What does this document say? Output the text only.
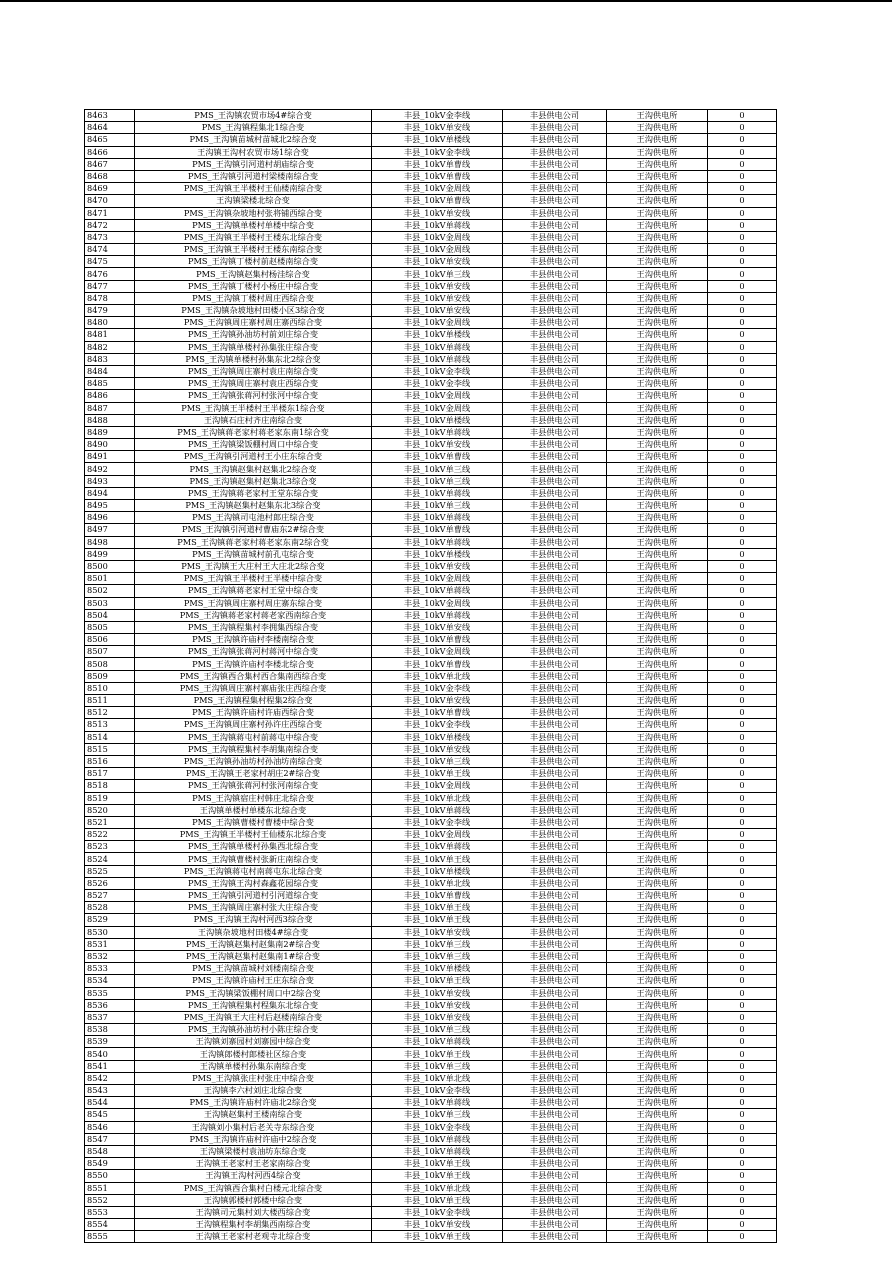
8463	PMS_王沟镇农贸市场4#综合变	丰县_10kV金李线	丰县供电公司	王沟供电所	0
8464	PMS_王沟镇程集北1综合变	丰县_10kV单安线	丰县供电公司	王沟供电所	0
8465	PMS_王沟镇苗城村苗城北2综合变	丰县_10kV单楼线	丰县供电公司	王沟供电所	0
8466	王沟镇王沟村农贸市场1综合变	丰县_10kV金李线	丰县供电公司	王沟供电所	0
8467	PMS_王沟镇引河道村胡庙综合变	丰县_10kV单曹线	丰县供电公司	王沟供电所	0
8468	PMS_王沟镇引河道村梁楼南综合变	丰县_10kV单曹线	丰县供电公司	王沟供电所	0
8469	PMS_王沟镇王半楼村王仙楼南综合变	丰县_10kV金周线	丰县供电公司	王沟供电所	0
8470	王沟镇梁楼北综合变	丰县_10kV单曹线	丰县供电公司	王沟供电所	0
8471	PMS_王沟镇杂坡地村张将铺西综合变	丰县_10kV单安线	丰县供电公司	王沟供电所	0
8472	PMS_王沟镇单楼村单楼中综合变	丰县_10kV单蒋线	丰县供电公司	王沟供电所	0
8473	PMS_王沟镇王半楼村王楼东北综合变	丰县_10kV金周线	丰县供电公司	王沟供电所	0
8474	PMS_王沟镇王半楼村王楼东南综合变	丰县_10kV金周线	丰县供电公司	王沟供电所	0
8475	PMS_王沟镇丁楼村前赵楼南综合变	丰县_10kV单安线	丰县供电公司	王沟供电所	0
8476	PMS_王沟镇赵集村杨洼综合变	丰县_10kV单三线	丰县供电公司	王沟供电所	0
8477	PMS_王沟镇丁楼村小杨庄中综合变	丰县_10kV单安线	丰县供电公司	王沟供电所	0
8478	PMS_王沟镇丁楼村周庄西综合变	丰县_10kV单安线	丰县供电公司	王沟供电所	0
8479	PMS_王沟镇杂坡地村田楼小区3综合变	丰县_10kV单安线	丰县供电公司	王沟供电所	0
8480	PMS_王沟镇周庄寨村周庄寨西综合变	丰县_10kV金周线	丰县供电公司	王沟供电所	0
8481	PMS_王沟镇孙油坊村前刘庄综合变	丰县_10kV单楼线	丰县供电公司	王沟供电所	0
8482	PMS_王沟镇单楼村孙集张庄综合变	丰县_10kV单蒋线	丰县供电公司	王沟供电所	0
8483	PMS_王沟镇单楼村孙集东北2综合变	丰县_10kV单蒋线	丰县供电公司	王沟供电所	0
8484	PMS_王沟镇周庄寨村袁庄南综合变	丰县_10kV金李线	丰县供电公司	王沟供电所	0
8485	PMS_王沟镇周庄寨村袁庄西综合变	丰县_10kV金李线	丰县供电公司	王沟供电所	0
8486	PMS_王沟镇张蒋河村张河中综合变	丰县_10kV金周线	丰县供电公司	王沟供电所	0
8487	PMS_王沟镇王半楼村王半楼东1综合变	丰县_10kV金周线	丰县供电公司	王沟供电所	0
8488	王沟镇石庄村齐庄南综合变	丰县_10kV单楼线	丰县供电公司	王沟供电所	0
8489	PMS_王沟镇蒋老家村蒋老家东南1综合变	丰县_10kV单蒋线	丰县供电公司	王沟供电所	0
8490	PMS_王沟镇梁饭棚村周口中综合变	丰县_10kV单安线	丰县供电公司	王沟供电所	0
8491	PMS_王沟镇引河道村王小庄东综合变	丰县_10kV单曹线	丰县供电公司	王沟供电所	0
8492	PMS_王沟镇赵集村赵集北2综合变	丰县_10kV单三线	丰县供电公司	王沟供电所	0
8493	PMS_王沟镇赵集村赵集北3综合变	丰县_10kV单三线	丰县供电公司	王沟供电所	0
8494	PMS_王沟镇蒋老家村王堂东综合变	丰县_10kV单蒋线	丰县供电公司	王沟供电所	0
8495	PMS_王沟镇赵集村赵集东北3综合变	丰县_10kV单三线	丰县供电公司	王沟供电所	0
8496	PMS_王沟镇司屯池村郎庄综合变	丰县_10kV单蒋线	丰县供电公司	王沟供电所	0
8497	PMS_王沟镇引河道村曹庙东2#综合变	丰县_10kV单曹线	丰县供电公司	王沟供电所	0
8498	PMS_王沟镇蒋老家村蒋老家东南2综合变	丰县_10kV单蒋线	丰县供电公司	王沟供电所	0
8499	PMS_王沟镇苗城村前孔屯综合变	丰县_10kV单楼线	丰县供电公司	王沟供电所	0
8500	PMS_王沟镇王大庄村王大庄北2综合变	丰县_10kV单安线	丰县供电公司	王沟供电所	0
8501	PMS_王沟镇王半楼村王半楼中综合变	丰县_10kV金周线	丰县供电公司	王沟供电所	0
8502	PMS_王沟镇蒋老家村王堂中综合变	丰县_10kV单蒋线	丰县供电公司	王沟供电所	0
8503	PMS_王沟镇周庄寨村周庄寨东综合变	丰县_10kV金周线	丰县供电公司	王沟供电所	0
8504	PMS_王沟镇蒋老家村蒋老家西南综合变	丰县_10kV单蒋线	丰县供电公司	王沟供电所	0
8505	PMS_王沟镇程集村李拥集西综合变	丰县_10kV单安线	丰县供电公司	王沟供电所	0
8506	PMS_王沟镇许庙村李楼南综合变	丰县_10kV单曹线	丰县供电公司	王沟供电所	0
8507	PMS_王沟镇张蒋河村蒋河中综合变	丰县_10kV金周线	丰县供电公司	王沟供电所	0
8508	PMS_王沟镇许庙村李楼北综合变	丰县_10kV单曹线	丰县供电公司	王沟供电所	0
8509	PMS_王沟镇西合集村西合集南西综合变	丰县_10kV单北线	丰县供电公司	王沟供电所	0
8510	PMS_王沟镇周庄寨村寨庙张庄西综合变	丰县_10kV金李线	丰县供电公司	王沟供电所	0
8511	PMS_王沟镇程集村程集2综合变	丰县_10kV单安线	丰县供电公司	王沟供电所	0
8512	PMS_王沟镇许庙村许庙西综合变	丰县_10kV单曹线	丰县供电公司	王沟供电所	0
8513	PMS_王沟镇周庄寨村孙许庄西综合变	丰县_10kV金李线	丰县供电公司	王沟供电所	0
8514	PMS_王沟镇蒋屯村前蒋屯中综合变	丰县_10kV单楼线	丰县供电公司	王沟供电所	0
8515	PMS_王沟镇程集村李胡集南综合变	丰县_10kV单安线	丰县供电公司	王沟供电所	0
8516	PMS_王沟镇孙油坊村孙油坊南综合变	丰县_10kV单三线	丰县供电公司	王沟供电所	0
8517	PMS_王沟镇王老家村胡庄2#综合变	丰县_10kV单王线	丰县供电公司	王沟供电所	0
8518	PMS_王沟镇张蒋河村张河南综合变	丰县_10kV金周线	丰县供电公司	王沟供电所	0
8519	PMS_王沟镇宿庄村韩庄北综合变	丰县_10kV单北线	丰县供电公司	王沟供电所	0
8520	王沟镇单楼村单楼东北综合变	丰县_10kV单蒋线	丰县供电公司	王沟供电所	0
8521	PMS_王沟镇曹楼村曹楼中综合变	丰县_10kV金李线	丰县供电公司	王沟供电所	0
8522	PMS_王沟镇王半楼村王仙楼东北综合变	丰县_10kV金周线	丰县供电公司	王沟供电所	0
8523	PMS_王沟镇单楼村孙集西北综合变	丰县_10kV单蒋线	丰县供电公司	王沟供电所	0
8524	PMS_王沟镇曹楼村张新庄南综合变	丰县_10kV单王线	丰县供电公司	王沟供电所	0
8525	PMS_王沟镇蒋屯村南蒋屯东北综合变	丰县_10kV单楼线	丰县供电公司	王沟供电所	0
8526	PMS_王沟镇王沟村森鑫花园综合变	丰县_10kV单北线	丰县供电公司	王沟供电所	0
8527	PMS_王沟镇引河道村引河道综合变	丰县_10kV单曹线	丰县供电公司	王沟供电所	0
8528	PMS_王沟镇周庄寨村张大庄综合变	丰县_10kV单王线	丰县供电公司	王沟供电所	0
8529	PMS_王沟镇王沟村河西3综合变	丰县_10kV单王线	丰县供电公司	王沟供电所	0
8530	王沟镇杂坡地村田楼4#综合变	丰县_10kV单安线	丰县供电公司	王沟供电所	0
8531	PMS_王沟镇赵集村赵集南2#综合变	丰县_10kV单三线	丰县供电公司	王沟供电所	0
8532	PMS_王沟镇赵集村赵集南1#综合变	丰县_10kV单三线	丰县供电公司	王沟供电所	0
8533	PMS_王沟镇苗城村刘楼南综合变	丰县_10kV单楼线	丰县供电公司	王沟供电所	0
8534	PMS_王沟镇许庙村王庄东综合变	丰县_10kV单王线	丰县供电公司	王沟供电所	0
8535	PMS_王沟镇梁饭棚村周口中2综合变	丰县_10kV单安线	丰县供电公司	王沟供电所	0
8536	PMS_王沟镇程集村程集东北综合变	丰县_10kV单安线	丰县供电公司	王沟供电所	0
8537	PMS_王沟镇王大庄村后赵楼南综合变	丰县_10kV单安线	丰县供电公司	王沟供电所	0
8538	PMS_王沟镇孙油坊村小陈庄综合变	丰县_10kV单三线	丰县供电公司	王沟供电所	0
8539	王沟镇刘寨园村刘寨园中综合变	丰县_10kV单蒋线	丰县供电公司	王沟供电所	0
8540	王沟镇郎楼村郎楼社区综合变	丰县_10kV单王线	丰县供电公司	王沟供电所	0
8541	王沟镇单楼村孙集东南综合变	丰县_10kV单三线	丰县供电公司	王沟供电所	0
8542	PMS_王沟镇张庄村张庄中综合变	丰县_10kV单北线	丰县供电公司	王沟供电所	0
8543	王沟镇李六村刘庄北综合变	丰县_10kV金李线	丰县供电公司	王沟供电所	0
8544	PMS_王沟镇许庙村许庙北2综合变	丰县_10kV单蒋线	丰县供电公司	王沟供电所	0
8545	王沟镇赵集村王楼南综合变	丰县_10kV单三线	丰县供电公司	王沟供电所	0
8546	王沟镇刘小集村后老关寺东综合变	丰县_10kV金李线	丰县供电公司	王沟供电所	0
8547	PMS_王沟镇许庙村许庙中2综合变	丰县_10kV单蒋线	丰县供电公司	王沟供电所	0
8548	王沟镇梁楼村袁油坊东综合变	丰县_10kV单蒋线	丰县供电公司	王沟供电所	0
8549	王沟镇王老家村王老家南综合变	丰县_10kV单王线	丰县供电公司	王沟供电所	0
8550	王沟镇王沟村河西4综合变	丰县_10kV单王线	丰县供电公司	王沟供电所	0
8551	PMS_王沟镇西合集村白楼元北综合变	丰县_10kV单北线	丰县供电公司	王沟供电所	0
8552	王沟镇郭楼村郭楼中综合变	丰县_10kV单王线	丰县供电公司	王沟供电所	0
8553	王沟镇司元集村刘大楼西综合变	丰县_10kV金李线	丰县供电公司	王沟供电所	0
8554	王沟镇程集村李胡集西南综合变	丰县_10kV单安线	丰县供电公司	王沟供电所	0
8555	王沟镇王老家村老观寺北综合变	丰县_10kV单王线	丰县供电公司	王沟供电所	0
